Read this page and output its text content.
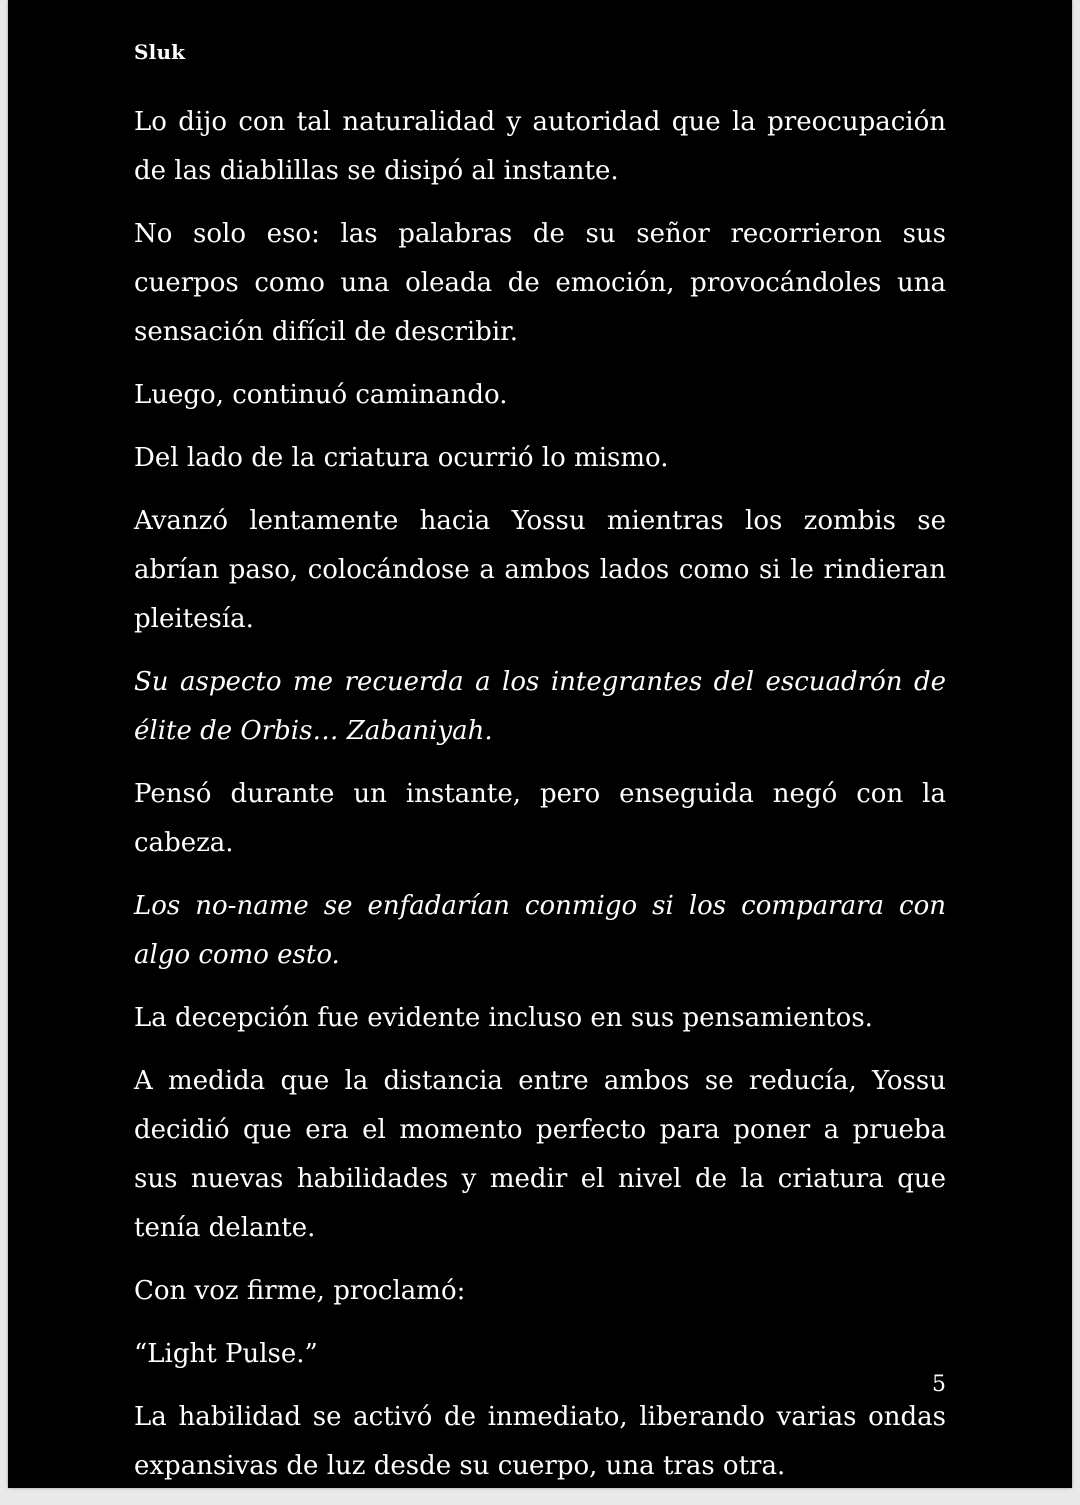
Sluk

Lo dijo con tal naturalidad y autoridad que la preocupación de las diablillas se disipó al instante.

No solo eso: las palabras de su señor recorrieron sus cuerpos como una oleada de emoción, provocándoles una sensación difícil de describir.

Luego, continuó caminando.

Del lado de la criatura ocurrió lo mismo.

Avanzó lentamente hacia Yossu mientras los zombis se abrían paso, colocándose a ambos lados como si le rindieran pleitesía.

Su aspecto me recuerda a los integrantes del escuadrón de élite de Orbis… Zabaniyah.

Pensó durante un instante, pero enseguida negó con la cabeza.

Los no-name se enfadarían conmigo si los comparara con algo como esto.

La decepción fue evidente incluso en sus pensamientos.

A medida que la distancia entre ambos se reducía, Yossu decidió que era el momento perfecto para poner a prueba sus nuevas habilidades y medir el nivel de la criatura que tenía delante.

Con voz firme, proclamó:

“Light Pulse.”

La habilidad se activó de inmediato, liberando varias ondas expansivas de luz desde su cuerpo, una tras otra.

5
